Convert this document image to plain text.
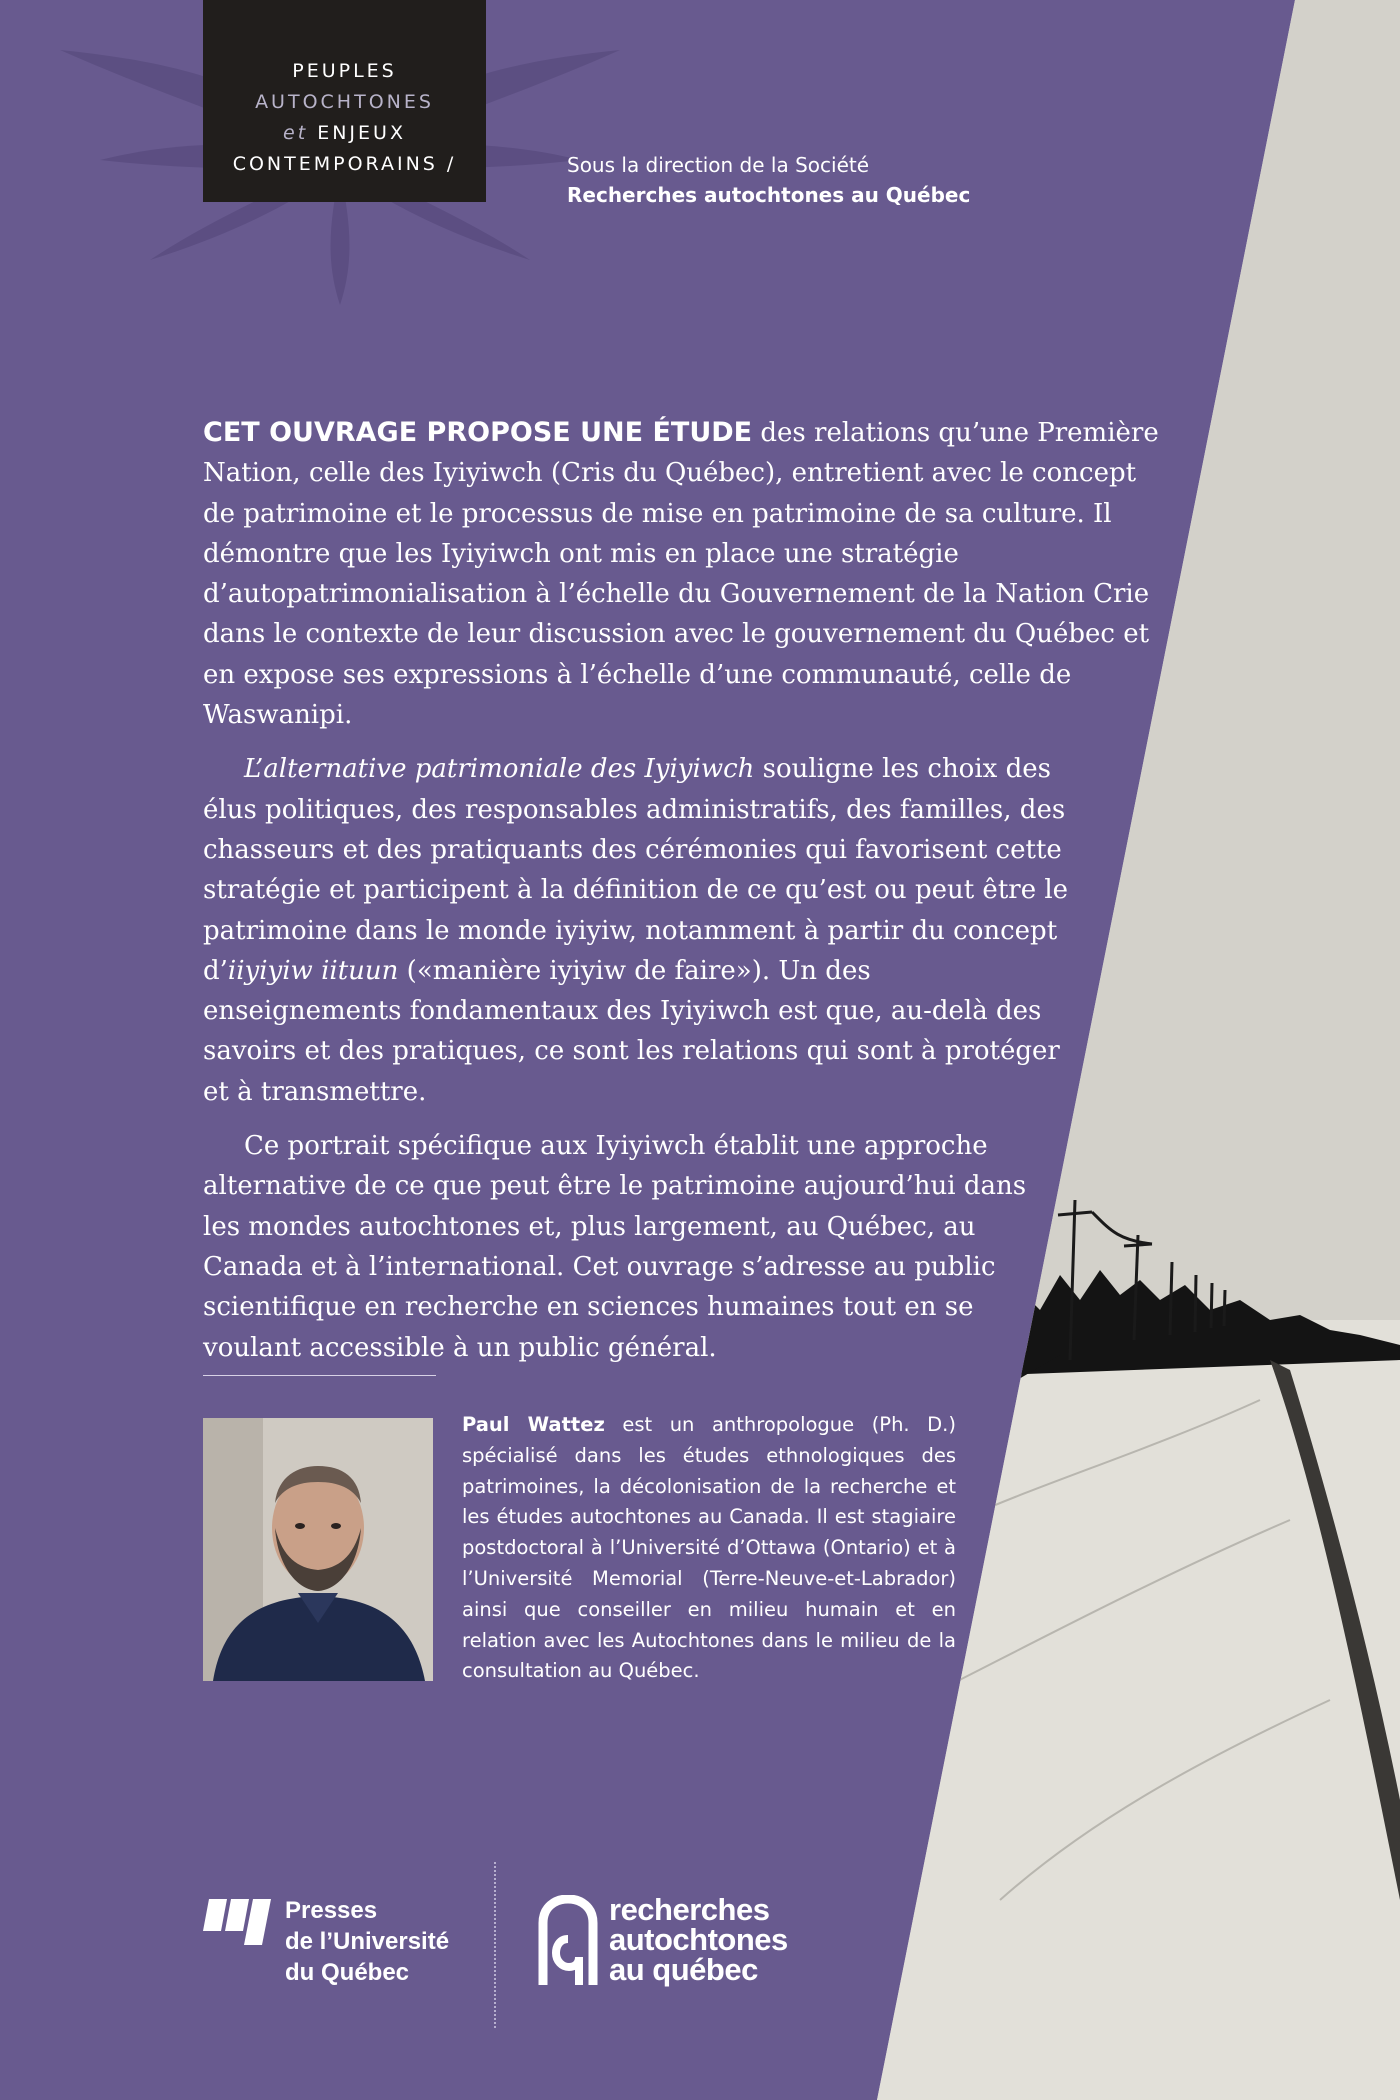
PEUPLES
AUTOCHTONES
et ENJEUX
CONTEMPORAINS /	Sous la direction de la Société
Recherches autochtones au Québec

CET OUVRAGE PROPOSE UNE ÉTUDE des relations qu’une Première Nation, celle des Iyiyiwch (Cris du Québec), entretient avec le concept de patrimoine et le processus de mise en patrimoine de sa culture. Il démontre que les Iyiyiwch ont mis en place une stratégie d’autopatrimonialisation à l’échelle du Gouvernement de la Nation Crie dans le contexte de leur discussion avec le gouvernement du Québec et en expose ses expressions à l’échelle d’une communauté, celle de Waswanipi.

L’alternative patrimoniale des Iyiyiwch souligne les choix des élus politiques, des responsables administratifs, des familles, des chasseurs et des pratiquants des cérémonies qui favorisent cette stratégie et participent à la définition de ce qu’est ou peut être le patrimoine dans le monde iyiyiw, notamment à partir du concept d’iiyiyiw iituun («manière iyiyiw de faire»). Un des enseignements fondamentaux des Iyiyiwch est que, au-delà des savoirs et des pratiques, ce sont les relations qui sont à protéger et à transmettre.

Ce portrait spécifique aux Iyiyiwch établit une approche alternative de ce que peut être le patrimoine aujourd’hui dans les mondes autochtones et, plus largement, au Québec, au Canada et à l’international. Cet ouvrage s’adresse au public scientifique en recherche en sciences humaines tout en se voulant accessible à un public général.

Paul Wattez est un anthropologue (Ph. D.) spécialisé dans les études ethnologiques des patrimoines, la décolonisation de la recherche et les études autochtones au Canada. Il est stagiaire postdoctoral à l’Université d’Ottawa (Ontario) et à l’Université Memorial (Terre-Neuve-et-Labrador) ainsi que conseiller en milieu humain et en relation avec les Autochtones dans le milieu de la consultation au Québec.
Presses
de l’Université
du Québec
recherches
autochtones
au québec
